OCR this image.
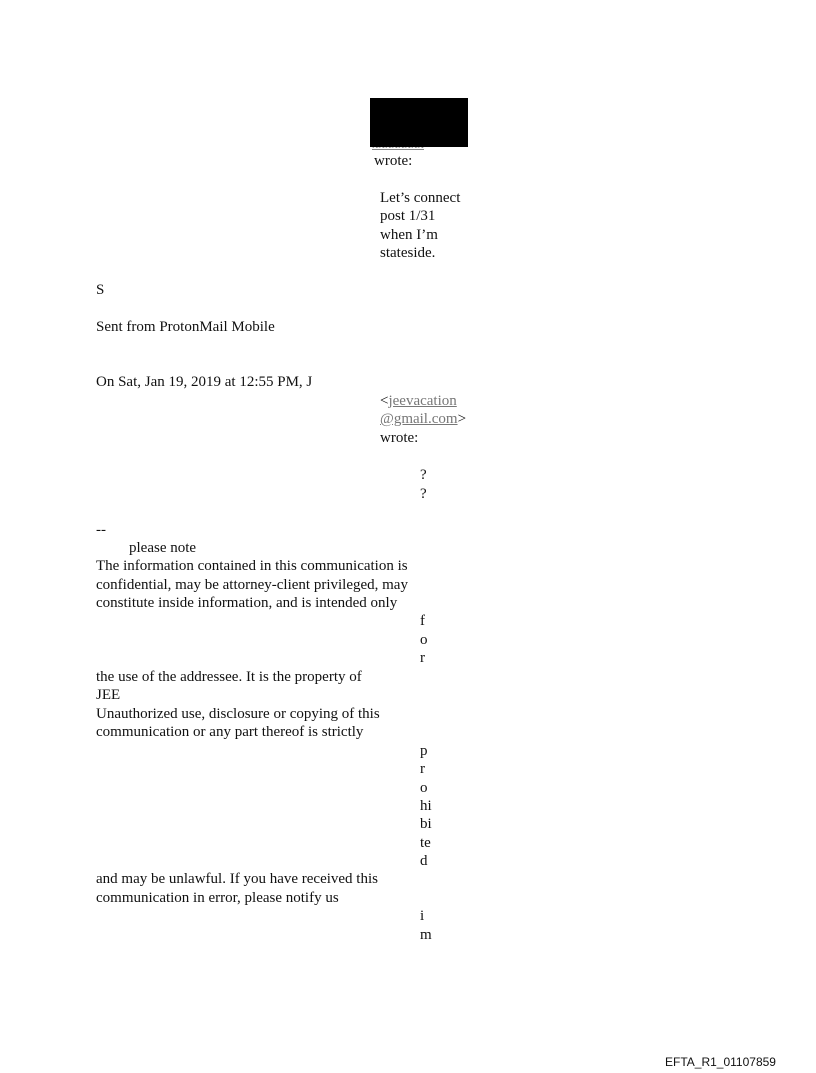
wrote:

Let’s connect

post 1/31

when I’m

stateside.

S

Sent from ProtonMail Mobile

On Sat, Jan 19, 2019 at 12:55 PM, J

<jeevacation

@gmail.com>

wrote:

?

?

--

please note

The information contained in this communication is

confidential, may be attorney-client privileged, may

constitute inside information, and is intended only

f

o

r

the use of the addressee. It is the property of

JEE

Unauthorized use, disclosure or copying of this

communication or any part thereof is strictly

p

r

o

hi

bi

te

d

and may be unlawful. If you have received this

communication in error, please notify us

i

m

EFTA_R1_01107859
